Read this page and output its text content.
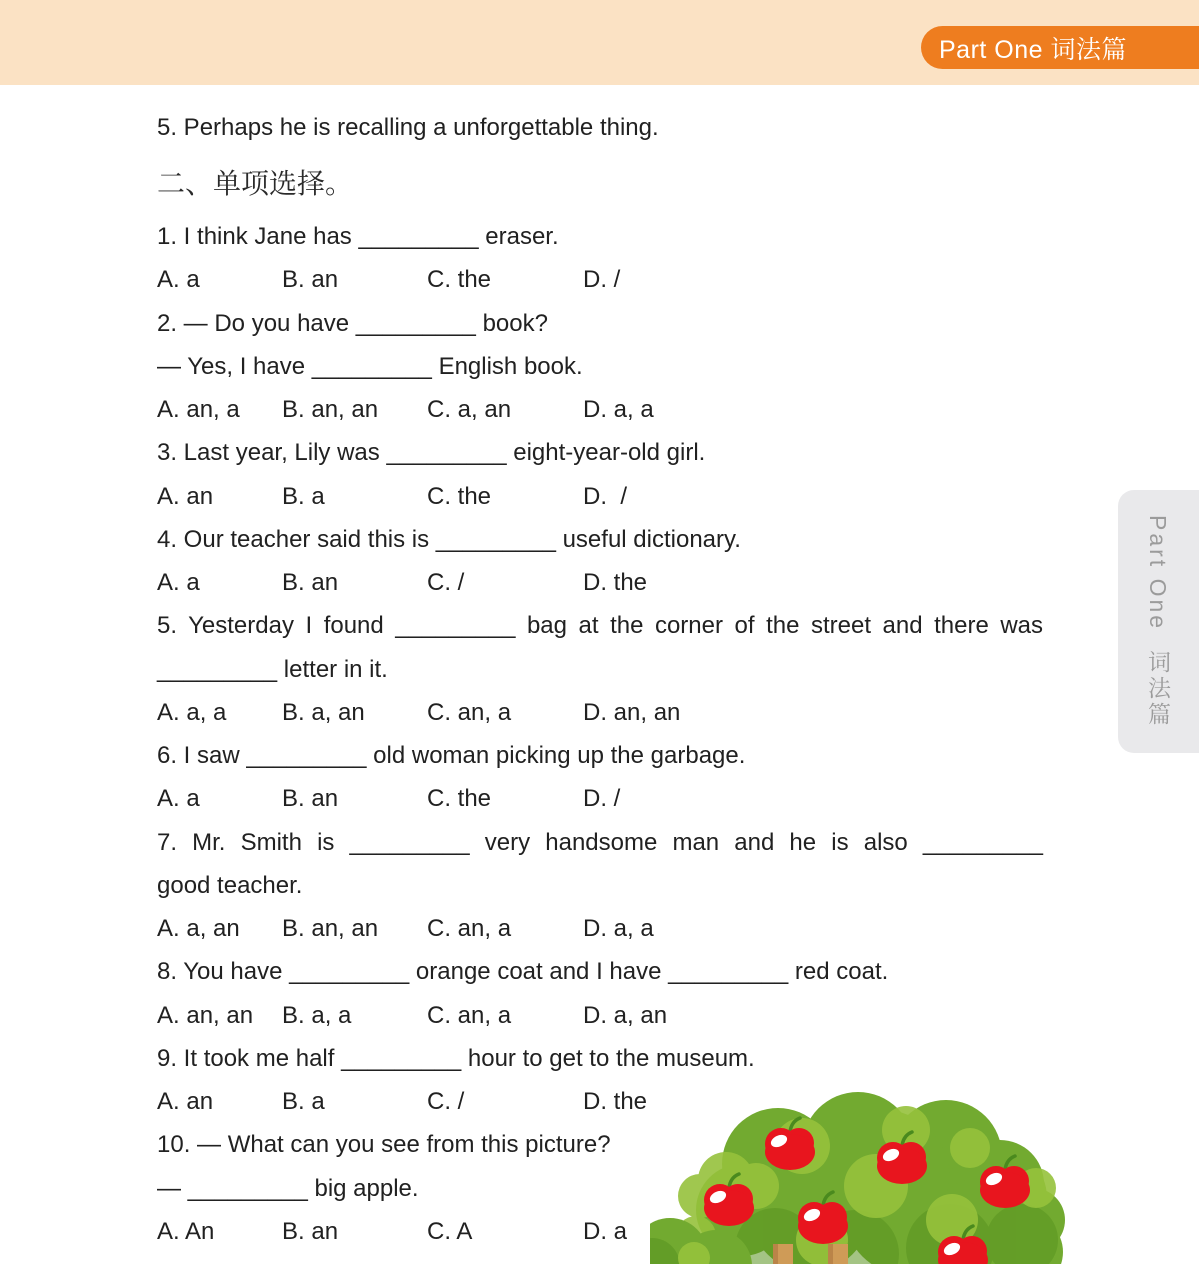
Part One 词法篇
5. Perhaps he is recalling a unforgettable thing.
二、单项选择。
1. I think Jane has _________ eraser.
A. a	B. an	C. the	D. /
2. — Do you have _________ book?
— Yes, I have _________ English book.
A. an, a	B. an, an	C. a, an	D. a, a
3. Last year, Lily was _________ eight-year-old girl.
A. an	B. a	C. the	D.  /
4. Our teacher said this is _________ useful dictionary.
A. a	B. an	C. /	D. the
5. Yesterday I found _________ bag at the corner of the street and there was
_________ letter in it.
A. a, a	B. a, an	C. an, a	D. an, an
6. I saw _________ old woman picking up the garbage.
A. a	B. an	C. the	D. /
7. Mr. Smith is _________ very handsome man and he is also _________
good teacher.
A. a, an	B. an, an	C. an, a	D. a, a
8. You have _________ orange coat and I have _________ red coat.
A. an, an	B. a, a	C. an, a	D. a, an
9. It took me half _________ hour to get to the museum.
A. an	B. a	C. /	D. the
10. — What can you see from this picture?
— _________ big apple.
A. An	B. an	C. A	D. a
Part One  词法篇
